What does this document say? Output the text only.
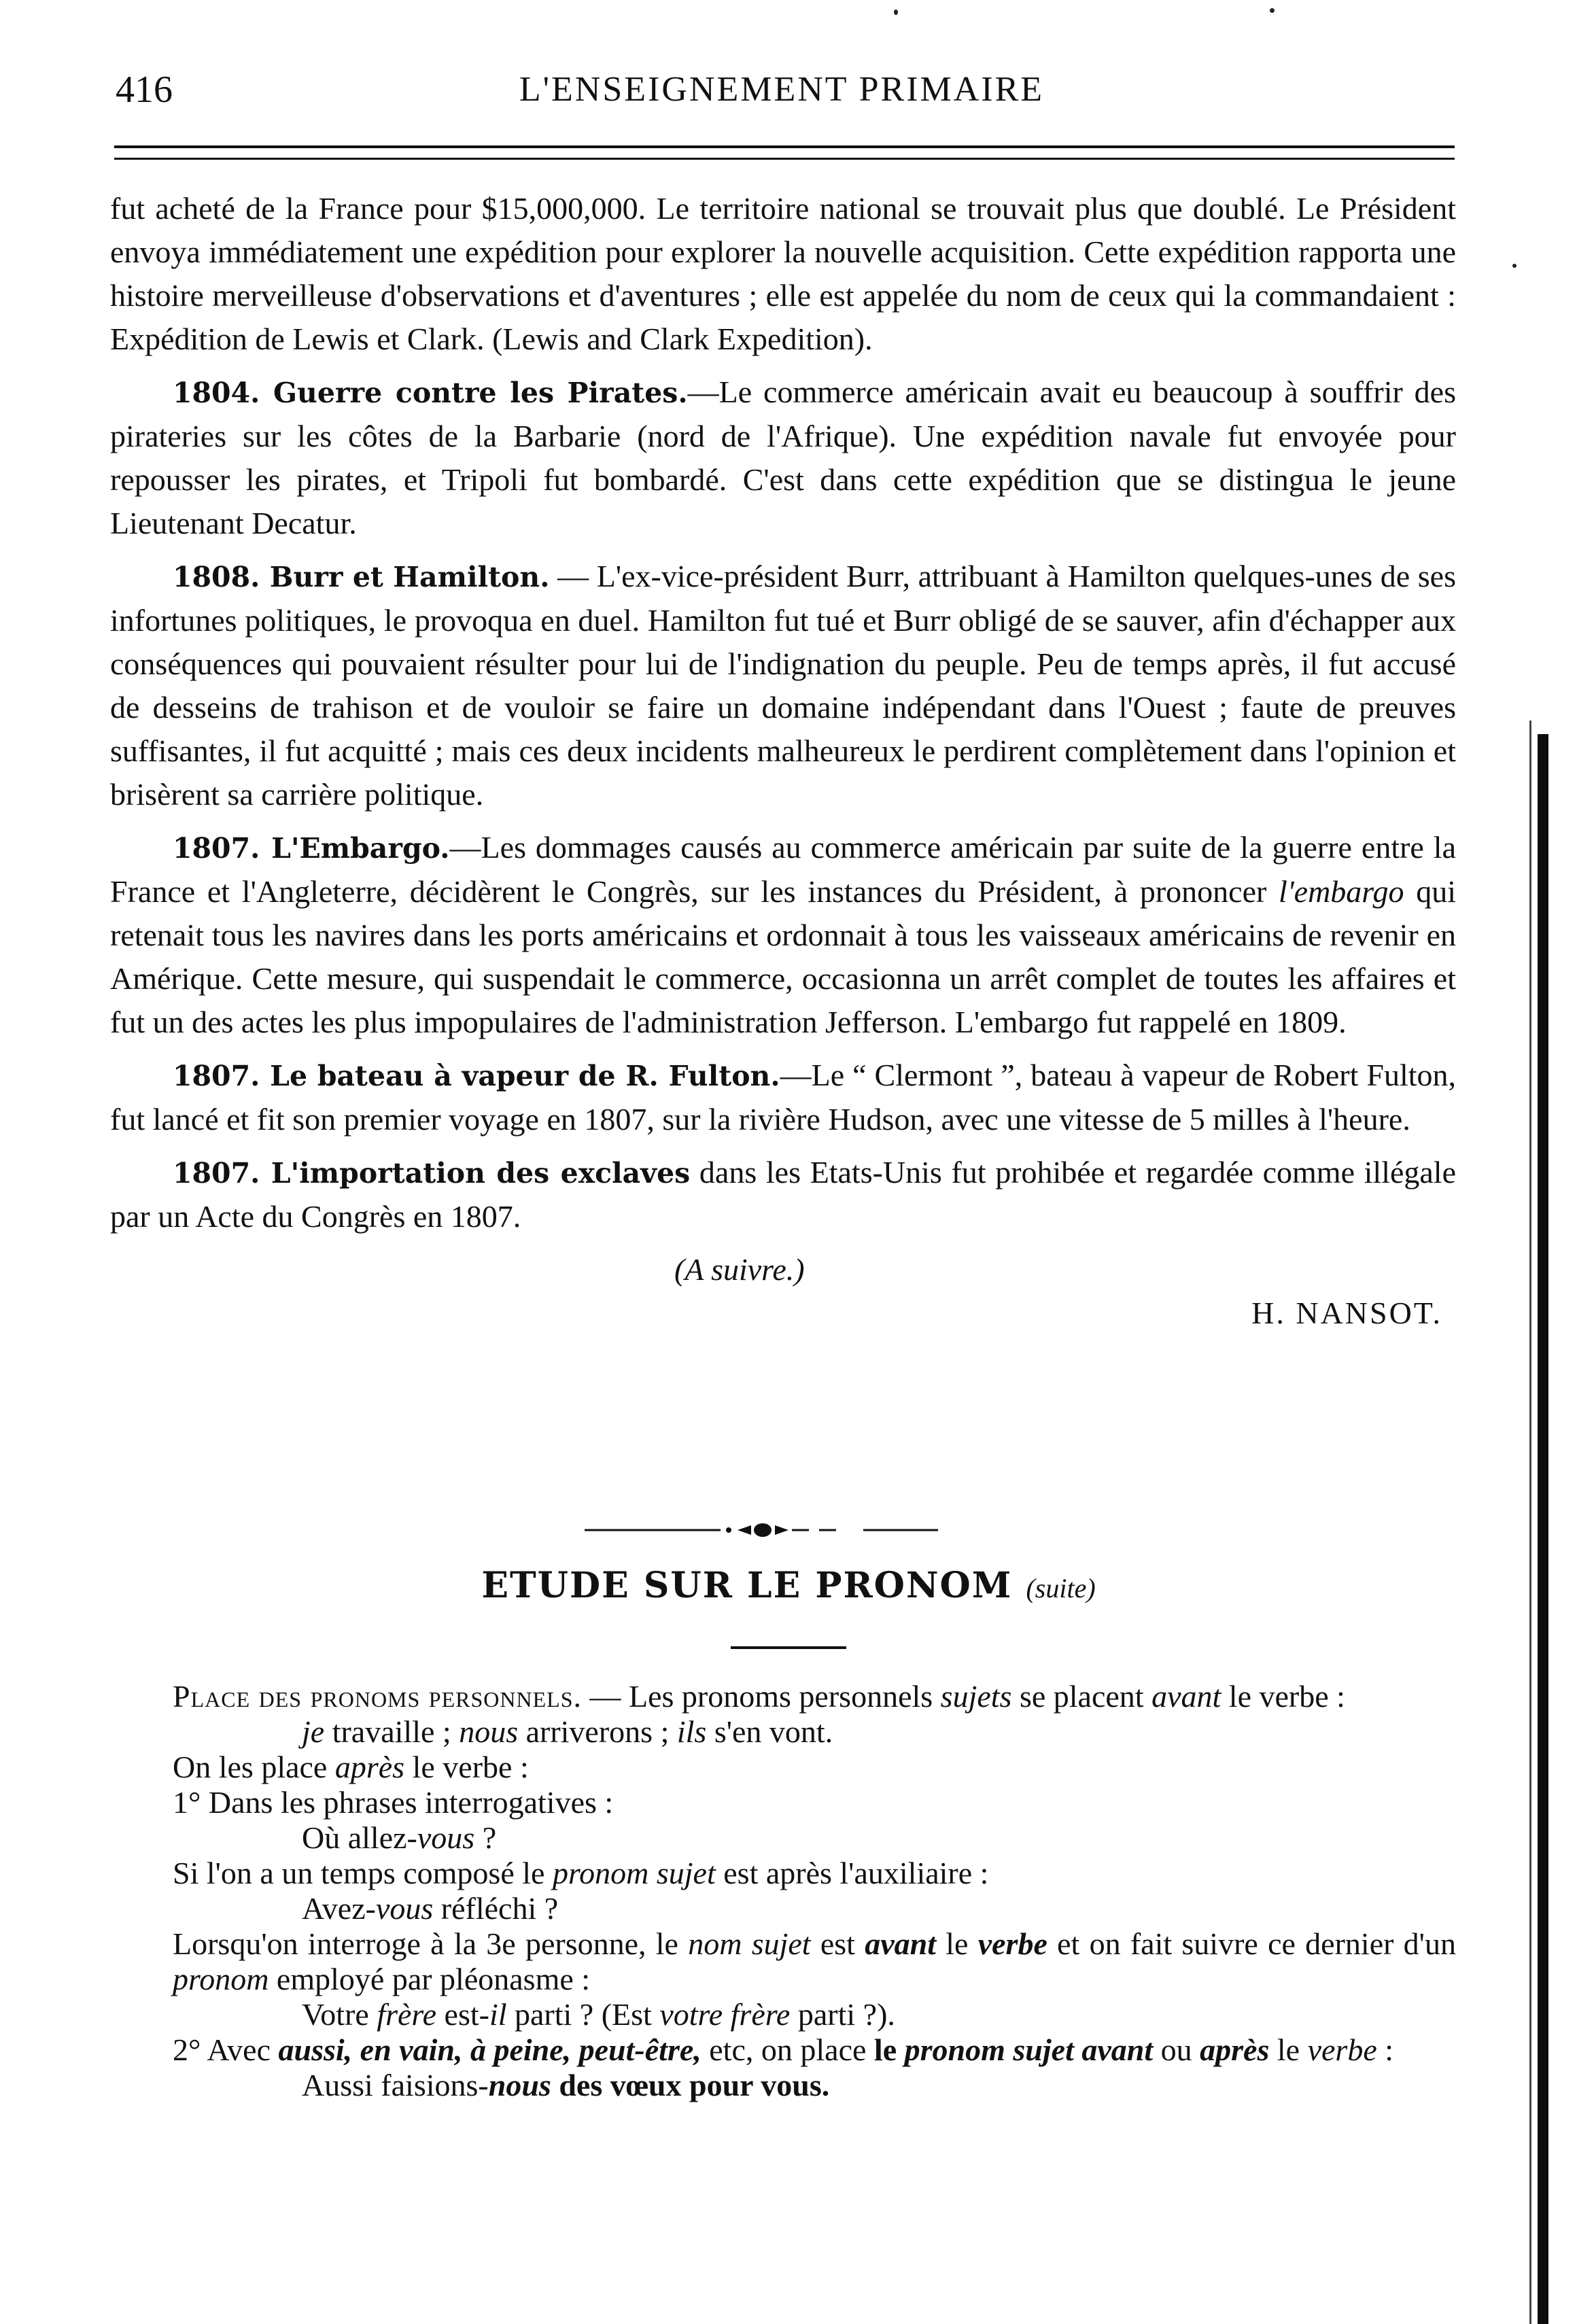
416	L'ENSEIGNEMENT PRIMAIRE

fut acheté de la France pour $15,000,000. Le territoire national se trouvait plus que doublé. Le Président envoya immédiatement une expédition pour explorer la nouvelle acquisition. Cette expédition rapporta une histoire merveilleuse d'observations et d'aventures ; elle est appelée du nom de ceux qui la commandaient : Expédition de Lewis et Clark. (Lewis and Clark Expedition).

1804. Guerre contre les Pirates.—Le commerce américain avait eu beaucoup à souffrir des pirateries sur les côtes de la Barbarie (nord de l'Afrique). Une expédition navale fut envoyée pour repousser les pirates, et Tripoli fut bombardé. C'est dans cette expédition que se distingua le jeune Lieutenant Decatur.

1808. Burr et Hamilton. — L'ex-vice-président Burr, attribuant à Hamilton quelques-unes de ses infortunes politiques, le provoqua en duel. Hamilton fut tué et Burr obligé de se sauver, afin d'échapper aux conséquences qui pouvaient résulter pour lui de l'indignation du peuple. Peu de temps après, il fut accusé de desseins de trahison et de vouloir se faire un domaine indépendant dans l'Ouest ; faute de preuves suffisantes, il fut acquitté ; mais ces deux incidents malheureux le perdirent complètement dans l'opinion et brisèrent sa carrière politique.

1807. L'Embargo.—Les dommages causés au commerce américain par suite de la guerre entre la France et l'Angleterre, décidèrent le Congrès, sur les instances du Président, à prononcer l'embargo qui retenait tous les navires dans les ports américains et ordonnait à tous les vaisseaux américains de revenir en Amérique. Cette mesure, qui suspendait le commerce, occasionna un arrêt complet de toutes les affaires et fut un des actes les plus impopulaires de l'administration Jefferson. L'embargo fut rappelé en 1809.

1807. Le bateau à vapeur de R. Fulton.—Le “ Clermont ”, bateau à vapeur de Robert Fulton, fut lancé et fit son premier voyage en 1807, sur la rivière Hudson, avec une vitesse de 5 milles à l'heure.

1807. L'importation des exclaves dans les Etats-Unis fut prohibée et regardée comme illégale par un Acte du Congrès en 1807.

(A suivre.)
H. NANSOT.
ETUDE SUR LE PRONOM (suite)

Place des pronoms personnels. — Les pronoms personnels sujets se placent avant le verbe :

je travaille ; nous arriverons ; ils s'en vont.

On les place après le verbe :

1° Dans les phrases interrogatives :

Où allez-vous ?

Si l'on a un temps composé le pronom sujet est après l'auxiliaire :

Avez-vous réfléchi ?

Lorsqu'on interroge à la 3e personne, le nom sujet est avant le verbe et on fait suivre ce dernier d'un pronom employé par pléonasme :

Votre frère est-il parti ? (Est votre frère parti ?).

2° Avec aussi, en vain, à peine, peut-être, etc, on place le pronom sujet avant ou après le verbe :

Aussi faisions-nous des vœux pour vous.
